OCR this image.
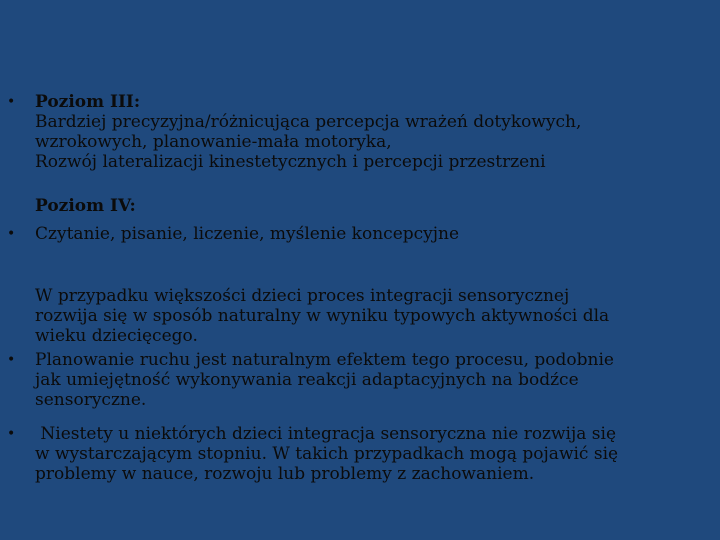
• Poziom III:
Bardziej precyzyjna/różnicująca percepcja wrażeń dotykowych,
wzrokowych, planowanie-mała motoryka,
Rozwój lateralizacji kinestetycznych i percepcji przestrzeni
Poziom IV:
• Czytanie, pisanie, liczenie, myślenie koncepcyjne
W przypadku większości dzieci proces integracji sensorycznej
rozwija się w sposób naturalny w wyniku typowych aktywności dla
wieku dziecięcego.
• Planowanie ruchu jest naturalnym efektem tego procesu, podobnie
jak umiejętność wykonywania reakcji adaptacyjnych na bodźce
sensoryczne.
• Niestety u niektórych dzieci integracja sensoryczna nie rozwija się
w wystarczającym stopniu. W takich przypadkach mogą pojawić się
problemy w nauce, rozwoju lub problemy z zachowaniem.
